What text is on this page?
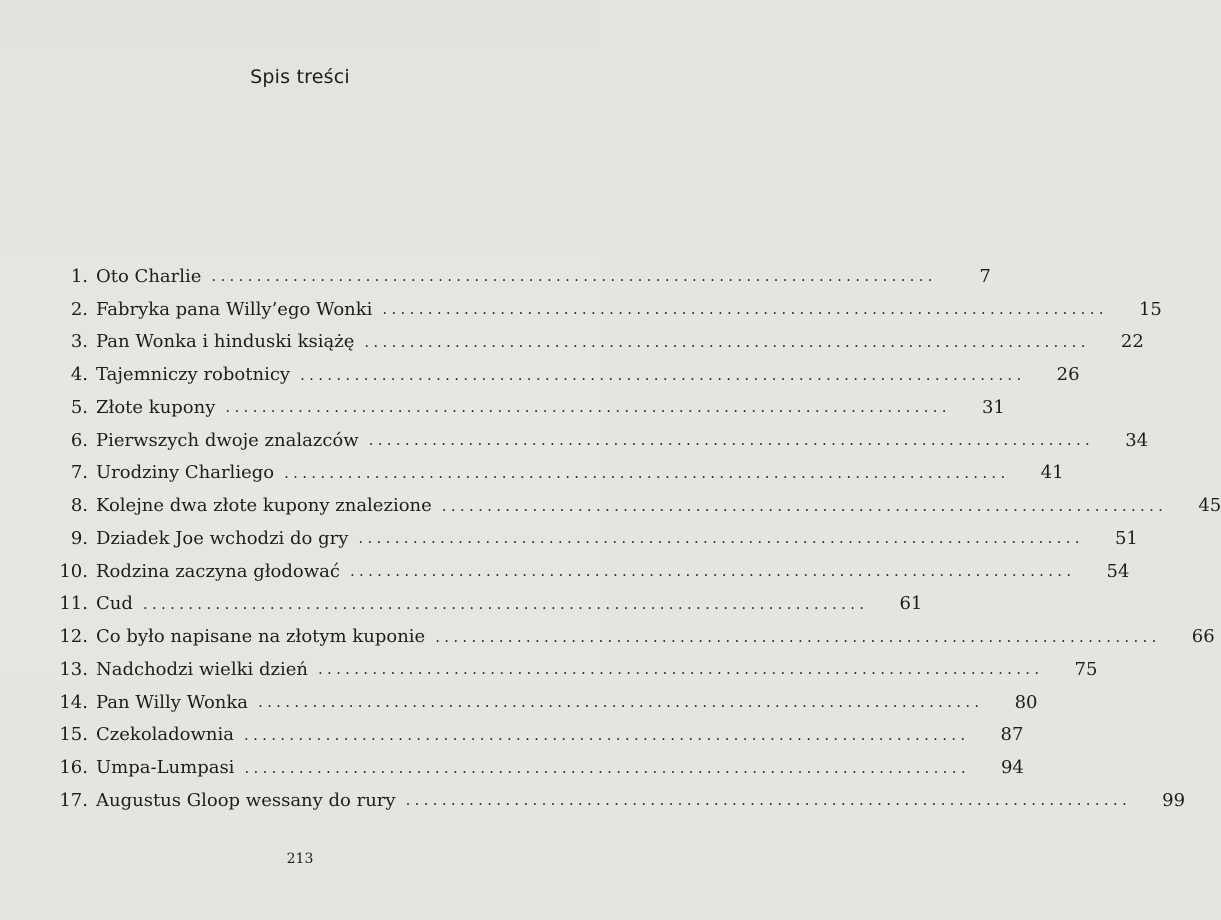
Spis treści
1. Oto Charlie ................................................................................	7
2. Fabryka pana Willy’ego Wonki ................................................................................	15
3. Pan Wonka i hinduski książę ................................................................................	22
4. Tajemniczy robotnicy ................................................................................	26
5. Złote kupony ................................................................................	31
6. Pierwszych dwoje znalazców ................................................................................	34
7. Urodziny Charliego ................................................................................	41
8. Kolejne dwa złote kupony znalezione ................................................................................	45
9. Dziadek Joe wchodzi do gry ................................................................................	51
10. Rodzina zaczyna głodować ................................................................................	54
11. Cud ................................................................................	61
12. Co było napisane na złotym kuponie ................................................................................	66
13. Nadchodzi wielki dzień ................................................................................	75
14. Pan Willy Wonka ................................................................................	80
15. Czekoladownia ................................................................................	87
16. Umpa-Lumpasi ................................................................................	94
17. Augustus Gloop wessany do rury ................................................................................	99
213
